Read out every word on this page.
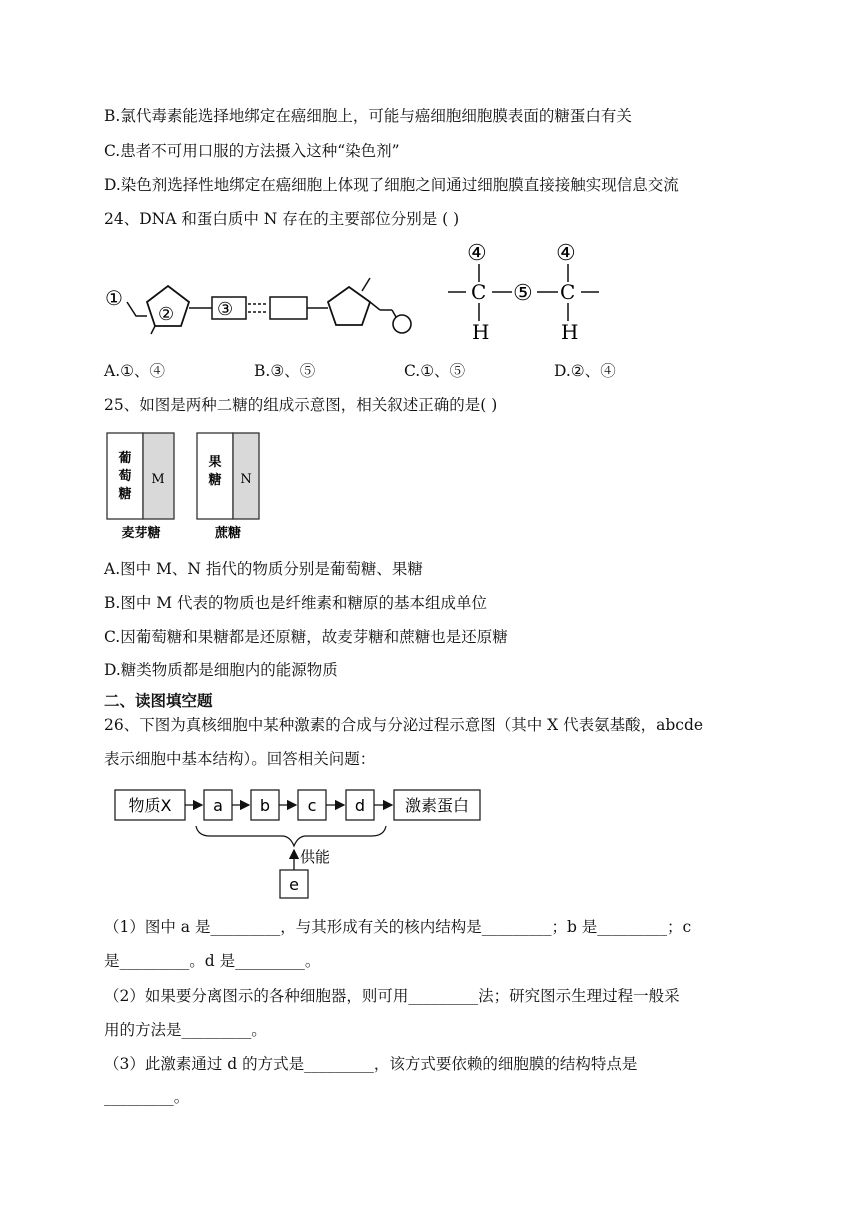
B.氯代毒素能选择地绑定在癌细胞上，可能与癌细胞细胞膜表面的糖蛋白有关
C.患者不可用口服的方法摄入这种“染色剂”
D.染色剂选择性地绑定在癌细胞上体现了细胞之间通过细胞膜直接接触实现信息交流
24、DNA 和蛋白质中 N 存在的主要部位分别是 ( )
①
② ③
④
C ⑤
H
④
C
H
A.①、④	B.③、⑤	C.①、⑤	D.②、④
25、如图是两种二糖的组成示意图，相关叙述正确的是( )
葡
萄
糖
M
麦芽糖
果
糖 N
蔗糖
A.图中 M、N 指代的物质分别是葡萄糖、果糖
B.图中 M 代表的物质也是纤维素和糖原的基本组成单位
C.因葡萄糖和果糖都是还原糖，故麦芽糖和蔗糖也是还原糖
D.糖类物质都是细胞内的能源物质
二、读图填空题
26、下图为真核细胞中某种激素的合成与分泌过程示意图（其中 X 代表氨基酸，abcde
表示细胞中基本结构）。回答相关问题：
物质X	a b c d 激素蛋白
供能
e
（1）图中 a 是_________，与其形成有关的核内结构是_________；b 是_________；c
是_________。d 是_________。
（2）如果要分离图示的各种细胞器，则可用_________法；研究图示生理过程一般采
用的方法是_________。
（3）此激素通过 d 的方式是_________，该方式要依赖的细胞膜的结构特点是
_________。
